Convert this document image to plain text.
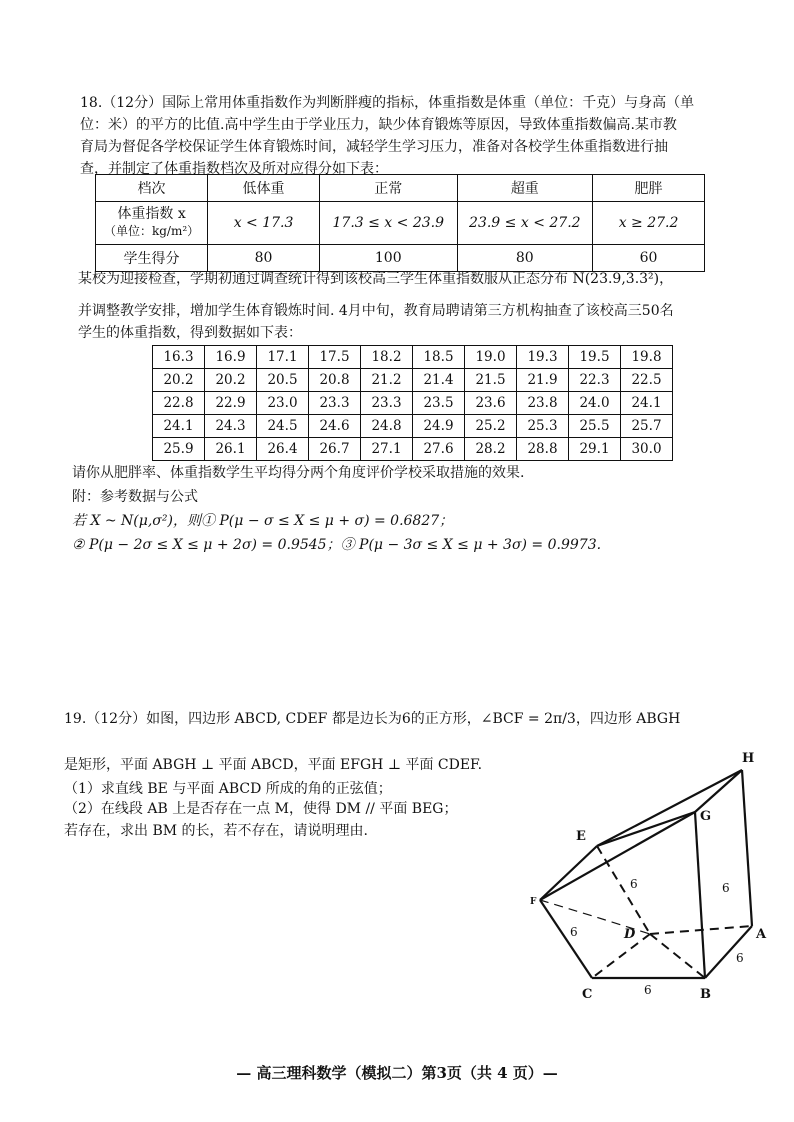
18.（12分）国际上常用体重指数作为判断胖瘦的指标，体重指数是体重（单位：千克）与身高（单
位：米）的平方的比值.高中学生由于学业压力，缺少体育锻炼等原因，导致体重指数偏高.某市教
育局为督促各学校保证学生体育锻炼时间，减轻学生学习压力，准备对各校学生体重指数进行抽
查，并制定了体重指数档次及所对应得分如下表：
档次	低体重	正常	超重	肥胖

体重指数 x
（单位：kg/m²）	x < 17.3	17.3 ≤ x < 23.9	23.9 ≤ x < 27.2	x ≥ 27.2
学生得分	80	100	80	60
某校为迎接检查，学期初通过调查统计得到该校高三学生体重指数服从正态分布 N(23.9,3.3²)，
并调整教学安排，增加学生体育锻炼时间. 4月中旬，教育局聘请第三方机构抽查了该校高三50名
学生的体重指数，得到数据如下表：
16.3	16.9	17.1	17.5	18.2	18.5	19.0	19.3	19.5	19.8
20.2	20.2	20.5	20.8	21.2	21.4	21.5	21.9	22.3	22.5
22.8	22.9	23.0	23.3	23.3	23.5	23.6	23.8	24.0	24.1
24.1	24.3	24.5	24.6	24.8	24.9	25.2	25.3	25.5	25.7
25.9	26.1	26.4	26.7	27.1	27.6	28.2	28.8	29.1	30.0
请你从肥胖率、体重指数学生平均得分两个角度评价学校采取措施的效果.
附：参考数据与公式
若 X ~ N(μ,σ²)，则① P(μ − σ ≤ X ≤ μ + σ) = 0.6827；
② P(μ − 2σ ≤ X ≤ μ + 2σ) = 0.9545；③ P(μ − 3σ ≤ X ≤ μ + 3σ) = 0.9973.
19.（12分）如图，四边形 ABCD, CDEF 都是边长为6的正方形，∠BCF = 2π/3，四边形 ABGH
是矩形，平面 ABGH ⊥ 平面 ABCD，平面 EFGH ⊥ 平面 CDEF.
（1）求直线 BE 与平面 ABCD 所成的角的正弦值；
（2）在线段 AB 上是否存在一点 M，使得 DM // 平面 BEG；
若存在，求出 BM 的长，若不存在，请说明理由.	E
G
H
D	A
C	B
F
6	6
6
6
6
— 高三理科数学（模拟二）第3页（共 4 页）—
